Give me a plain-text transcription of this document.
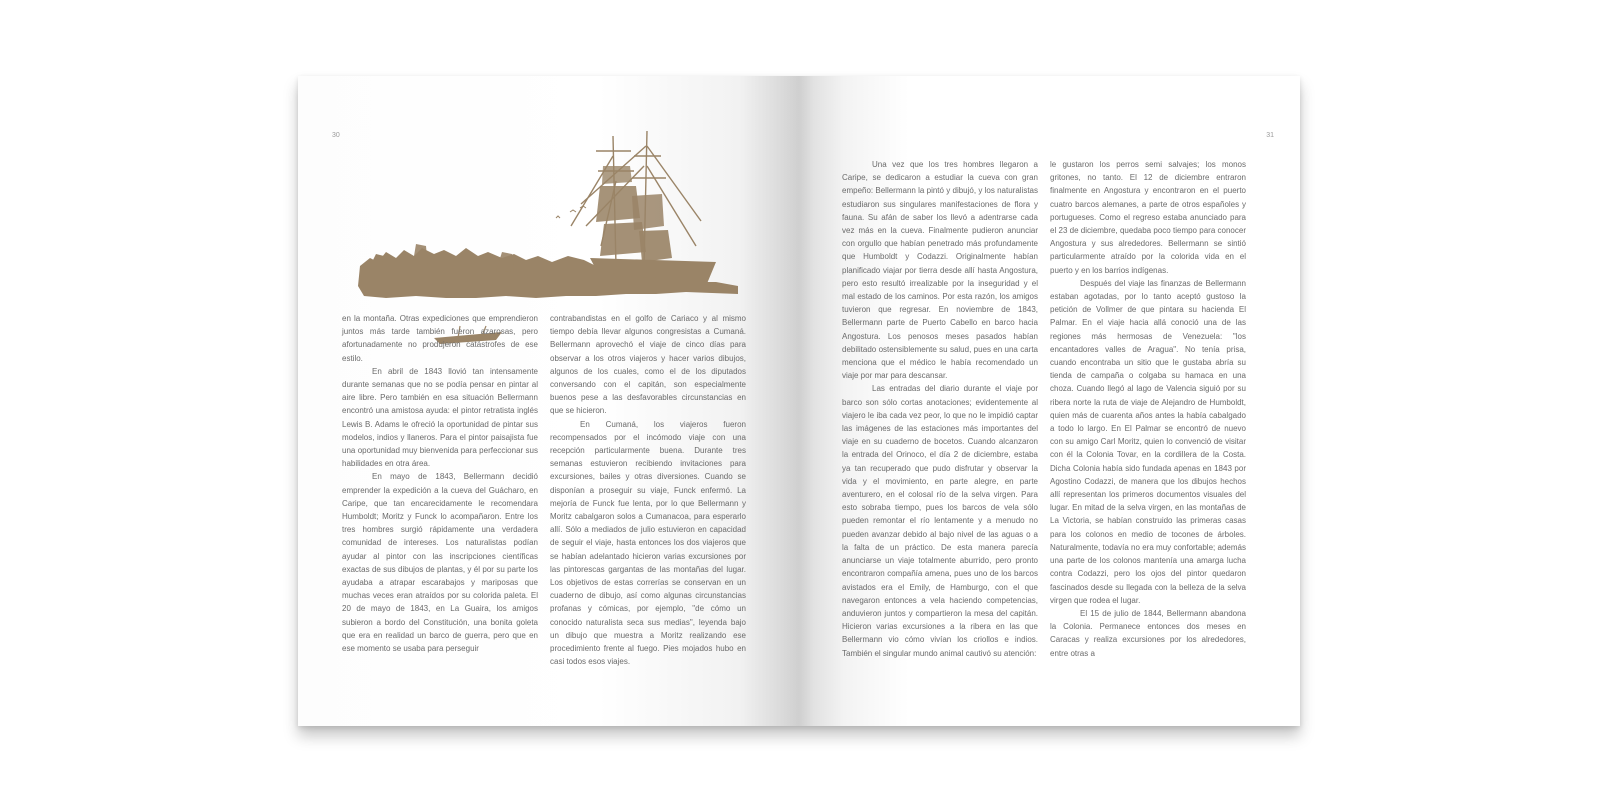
30

en la montaña. Otras expediciones que emprendieron juntos más tarde también fueron azarosas, pero afortunadamente no produjeron catástrofes de ese estilo.

En abril de 1843 llovió tan intensamente durante semanas que no se podía pensar en pintar al aire libre. Pero también en esa situación Bellermann encontró una amistosa ayuda: el pintor retratista inglés Lewis B. Adams le ofreció la oportunidad de pintar sus modelos, indios y llaneros. Para el pintor paisajista fue una oportunidad muy bienvenida para perfeccionar sus habilidades en otra área.

En mayo de 1843, Bellermann decidió emprender la expedición a la cueva del Guácharo, en Caripe, que tan encarecidamente le recomendara Humboldt; Moritz y Funck lo acompañaron. Entre los tres hombres surgió rápidamente una verdadera comunidad de intereses. Los naturalistas podían ayudar al pintor con las inscripciones científicas exactas de sus dibujos de plantas, y él por su parte los ayudaba a atrapar escarabajos y mariposas que muchas veces eran atraídos por su colorida paleta. El 20 de mayo de 1843, en La Guaira, los amigos subieron a bordo del Constitución, una bonita goleta que era en realidad un barco de guerra, pero que en ese momento se usaba para perseguir

contrabandistas en el golfo de Cariaco y al mismo tiempo debía llevar algunos congresistas a Cumaná. Bellermann aprovechó el viaje de cinco días para observar a los otros viajeros y hacer varios dibujos, algunos de los cuales, como el de los diputados conversando con el capitán, son especialmente buenos pese a las desfavorables circunstancias en que se hicieron.

En Cumaná, los viajeros fueron recompensados por el incómodo viaje con una recepción particularmente buena. Durante tres semanas estuvieron recibiendo invitaciones para excursiones, bailes y otras diversiones. Cuando se disponían a proseguir su viaje, Funck enfermó. La mejoría de Funck fue lenta, por lo que Bellermann y Moritz cabalgaron solos a Cumanacoa, para esperarlo allí. Sólo a mediados de julio estuvieron en capacidad de seguir el viaje, hasta entonces los dos viajeros que se habían adelantado hicieron varias excursiones por las pintorescas gargantas de las montañas del lugar. Los objetivos de estas correrías se conservan en un cuaderno de dibujo, así como algunas circunstancias profanas y cómicas, por ejemplo, "de cómo un conocido naturalista seca sus medias", leyenda bajo un dibujo que muestra a Moritz realizando ese procedimiento frente al fuego. Pies mojados hubo en casi todos esos viajes.

31

Una vez que los tres hombres llegaron a Caripe, se dedicaron a estudiar la cueva con gran empeño: Bellermann la pintó y dibujó, y los naturalistas estudiaron sus singulares manifestaciones de flora y fauna. Su afán de saber los llevó a adentrarse cada vez más en la cueva. Finalmente pudieron anunciar con orgullo que habían penetrado más profundamente que Humboldt y Codazzi. Originalmente habían planificado viajar por tierra desde allí hasta Angostura, pero esto resultó irrealizable por la inseguridad y el mal estado de los caminos. Por esta razón, los amigos tuvieron que regresar. En noviembre de 1843, Bellermann parte de Puerto Cabello en barco hacia Angostura. Los penosos meses pasados habían debilitado ostensiblemente su salud, pues en una carta menciona que el médico le había recomendado un viaje por mar para descansar.

Las entradas del diario durante el viaje por barco son sólo cortas anotaciones; evidentemente al viajero le iba cada vez peor, lo que no le impidió captar las imágenes de las estaciones más importantes del viaje en su cuaderno de bocetos. Cuando alcanzaron la entrada del Orinoco, el día 2 de diciembre, estaba ya tan recuperado que pudo disfrutar y observar la vida y el movimiento, en parte alegre, en parte aventurero, en el colosal río de la selva virgen. Para esto sobraba tiempo, pues los barcos de vela sólo pueden remontar el río lentamente y a menudo no pueden avanzar debido al bajo nivel de las aguas o a la falta de un práctico. De esta manera parecía anunciarse un viaje totalmente aburrido, pero pronto encontraron compañía amena, pues uno de los barcos avistados era el Emily, de Hamburgo, con el que navegaron entonces a vela haciendo competencias, anduvieron juntos y compartieron la mesa del capitán. Hicieron varias excursiones a la ribera en las que Bellermann vio cómo vivían los criollos e indios. También el singular mundo animal cautivó su atención:

le gustaron los perros semi salvajes; los monos gritones, no tanto. El 12 de diciembre entraron finalmente en Angostura y encontraron en el puerto cuatro barcos alemanes, a parte de otros españoles y portugueses. Como el regreso estaba anunciado para el 23 de diciembre, quedaba poco tiempo para conocer Angostura y sus alrededores. Bellermann se sintió particularmente atraído por la colorida vida en el puerto y en los barrios indígenas.

Después del viaje las finanzas de Bellermann estaban agotadas, por lo tanto aceptó gustoso la petición de Vollmer de que pintara su hacienda El Palmar. En el viaje hacia allá conoció una de las regiones más hermosas de Venezuela: "los encantadores valles de Aragua". No tenía prisa, cuando encontraba un sitio que le gustaba abría su tienda de campaña o colgaba su hamaca en una choza. Cuando llegó al lago de Valencia siguió por su ribera norte la ruta de viaje de Alejandro de Humboldt, quien más de cuarenta años antes la había cabalgado a todo lo largo. En El Palmar se encontró de nuevo con su amigo Carl Moritz, quien lo convenció de visitar con él la Colonia Tovar, en la cordillera de la Costa. Dicha Colonia había sido fundada apenas en 1843 por Agostino Codazzi, de manera que los dibujos hechos allí representan los primeros documentos visuales del lugar. En mitad de la selva virgen, en las montañas de La Victoria, se habían construido las primeras casas para los colonos en medio de tocones de árboles. Naturalmente, todavía no era muy confortable; además una parte de los colonos mantenía una amarga lucha contra Codazzi, pero los ojos del pintor quedaron fascinados desde su llegada con la belleza de la selva virgen que rodea el lugar.

El 15 de julio de 1844, Bellermann abandona la Colonia. Permanece entonces dos meses en Caracas y realiza excursiones por los alrededores, entre otras a
